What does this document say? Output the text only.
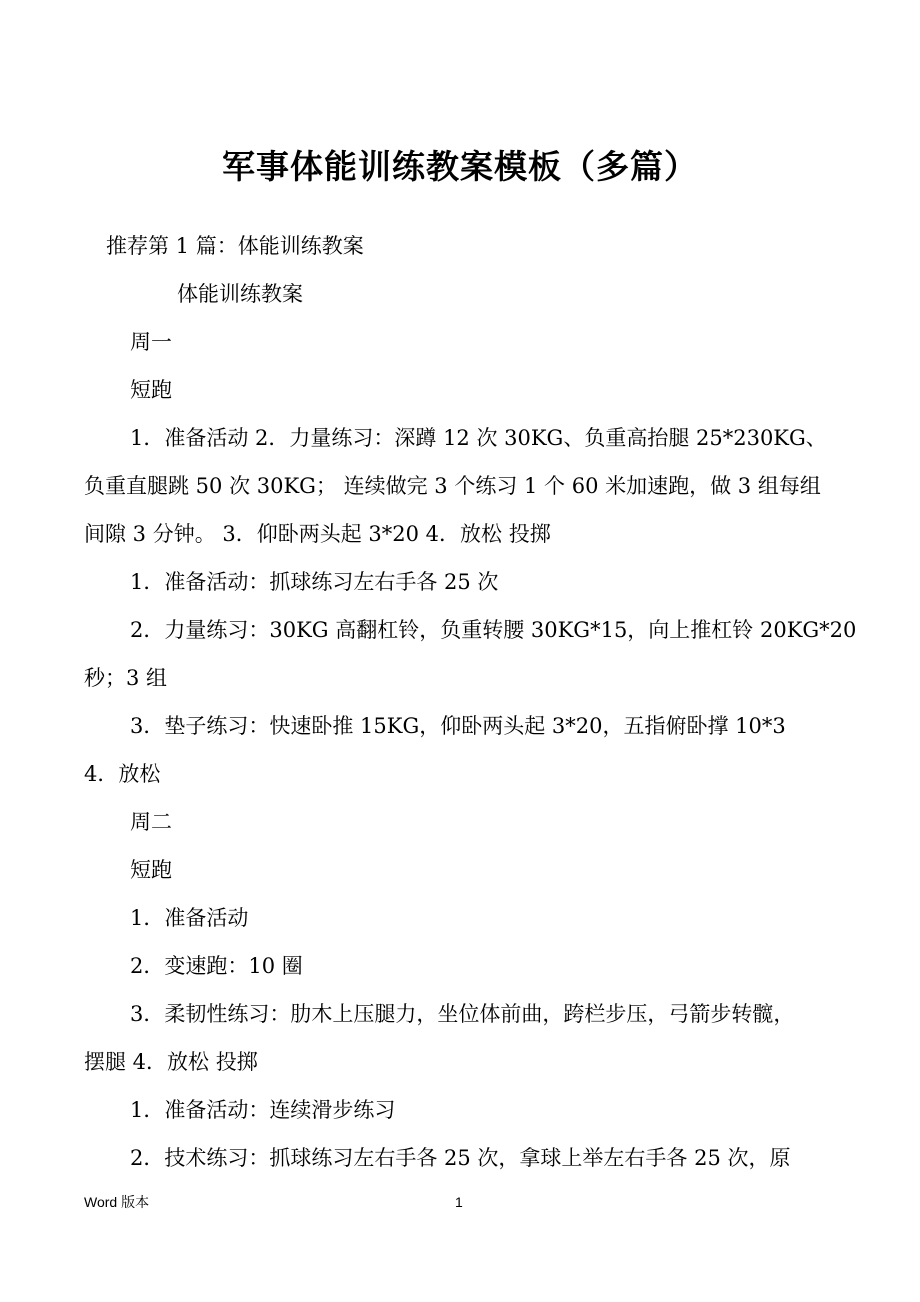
军事体能训练教案模板（多篇）
推荐第 1 篇：体能训练教案
体能训练教案
周一
短跑
1．准备活动 2．力量练习：深蹲 12 次 30KG、负重高抬腿 25*230KG、
负重直腿跳 50 次 30KG； 连续做完 3 个练习 1 个 60 米加速跑，做 3 组每组
间隙 3 分钟。 3．仰卧两头起 3*20 4．放松 投掷
1．准备活动：抓球练习左右手各 25 次
2．力量练习：30KG 高翻杠铃，负重转腰 30KG*15，向上推杠铃 20KG*20
秒；3 组
3．垫子练习：快速卧推 15KG，仰卧两头起 3*20，五指俯卧撑 10*3
4．放松
周二
短跑
1．准备活动
2．变速跑：10 圈
3．柔韧性练习：肋木上压腿力，坐位体前曲，跨栏步压，弓箭步转髋，
摆腿 4．放松 投掷
1．准备活动：连续滑步练习
2．技术练习：抓球练习左右手各 25 次，拿球上举左右手各 25 次，原
Word 版本	1
